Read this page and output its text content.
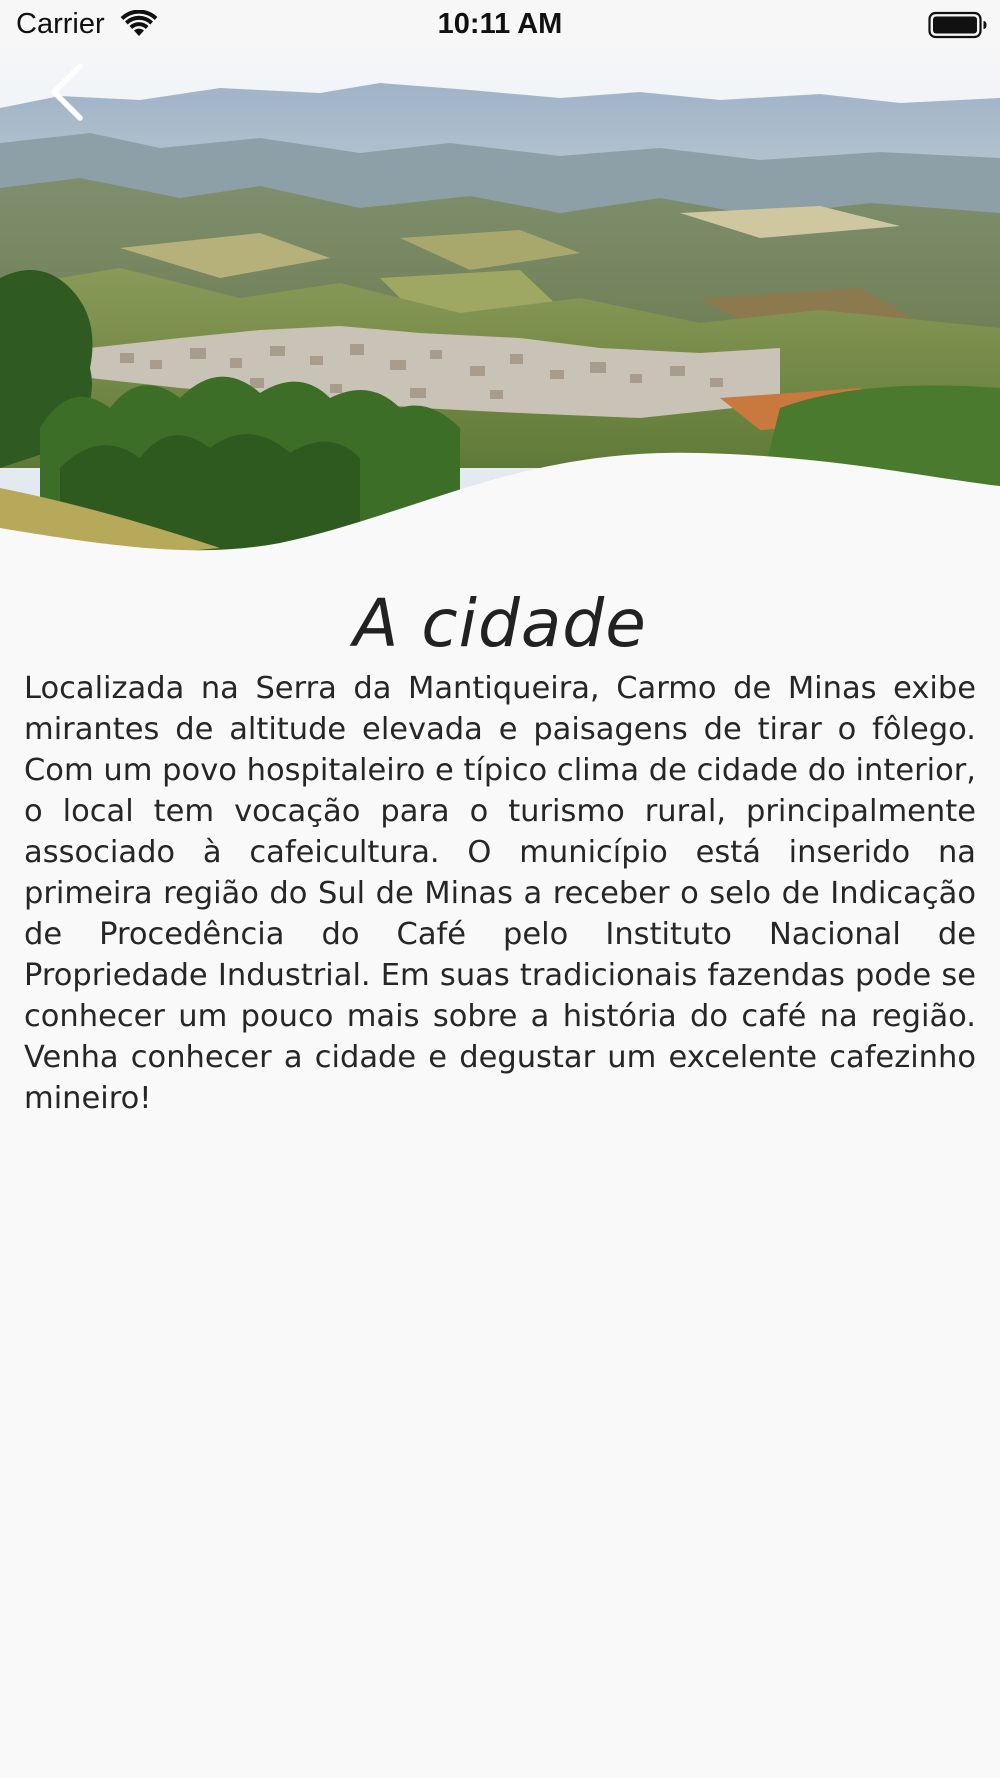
Carrier	10:11 AM
A cidade

Localizada na Serra da Mantiqueira, Carmo de Minas exibe mirantes de altitude elevada e paisagens de tirar o fôlego. Com um povo hospitaleiro e típico clima de cidade do interior, o local tem vocação para o turismo rural, principalmente associado à cafeicultura. O município está inserido na primeira região do Sul de Minas a receber o selo de Indicação de Procedência do Café pelo Instituto Nacional de Propriedade Industrial. Em suas tradicionais fazendas pode se conhecer um pouco mais sobre a história do café na região. Venha conhecer a cidade e degustar um excelente cafezinho mineiro!
